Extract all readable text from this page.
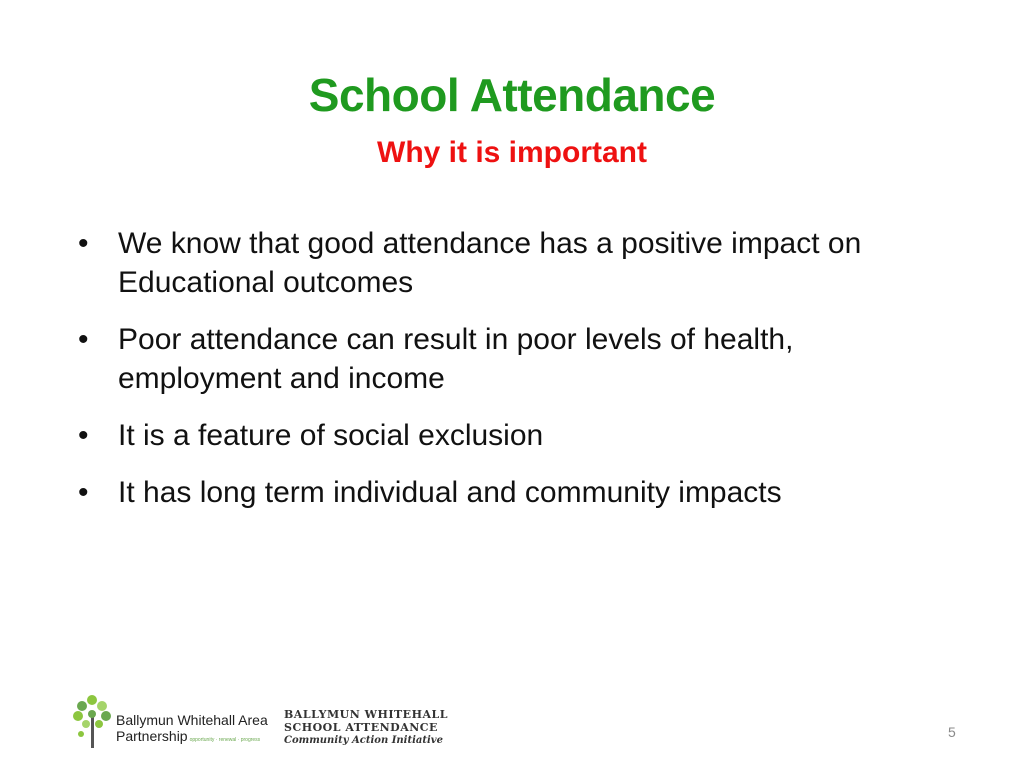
School Attendance
Why it is important
• We know that good attendance has a positive impact on Educational outcomes
• Poor attendance can result in poor levels of health, employment and income
• It is a feature of social exclusion
• It has long term individual and community impacts
Ballymun Whitehall Area
Partnership opportunity · renewal · progress
BALLYMUN WHITEHALL
SCHOOL ATTENDANCE
Community Action Initiative
5
